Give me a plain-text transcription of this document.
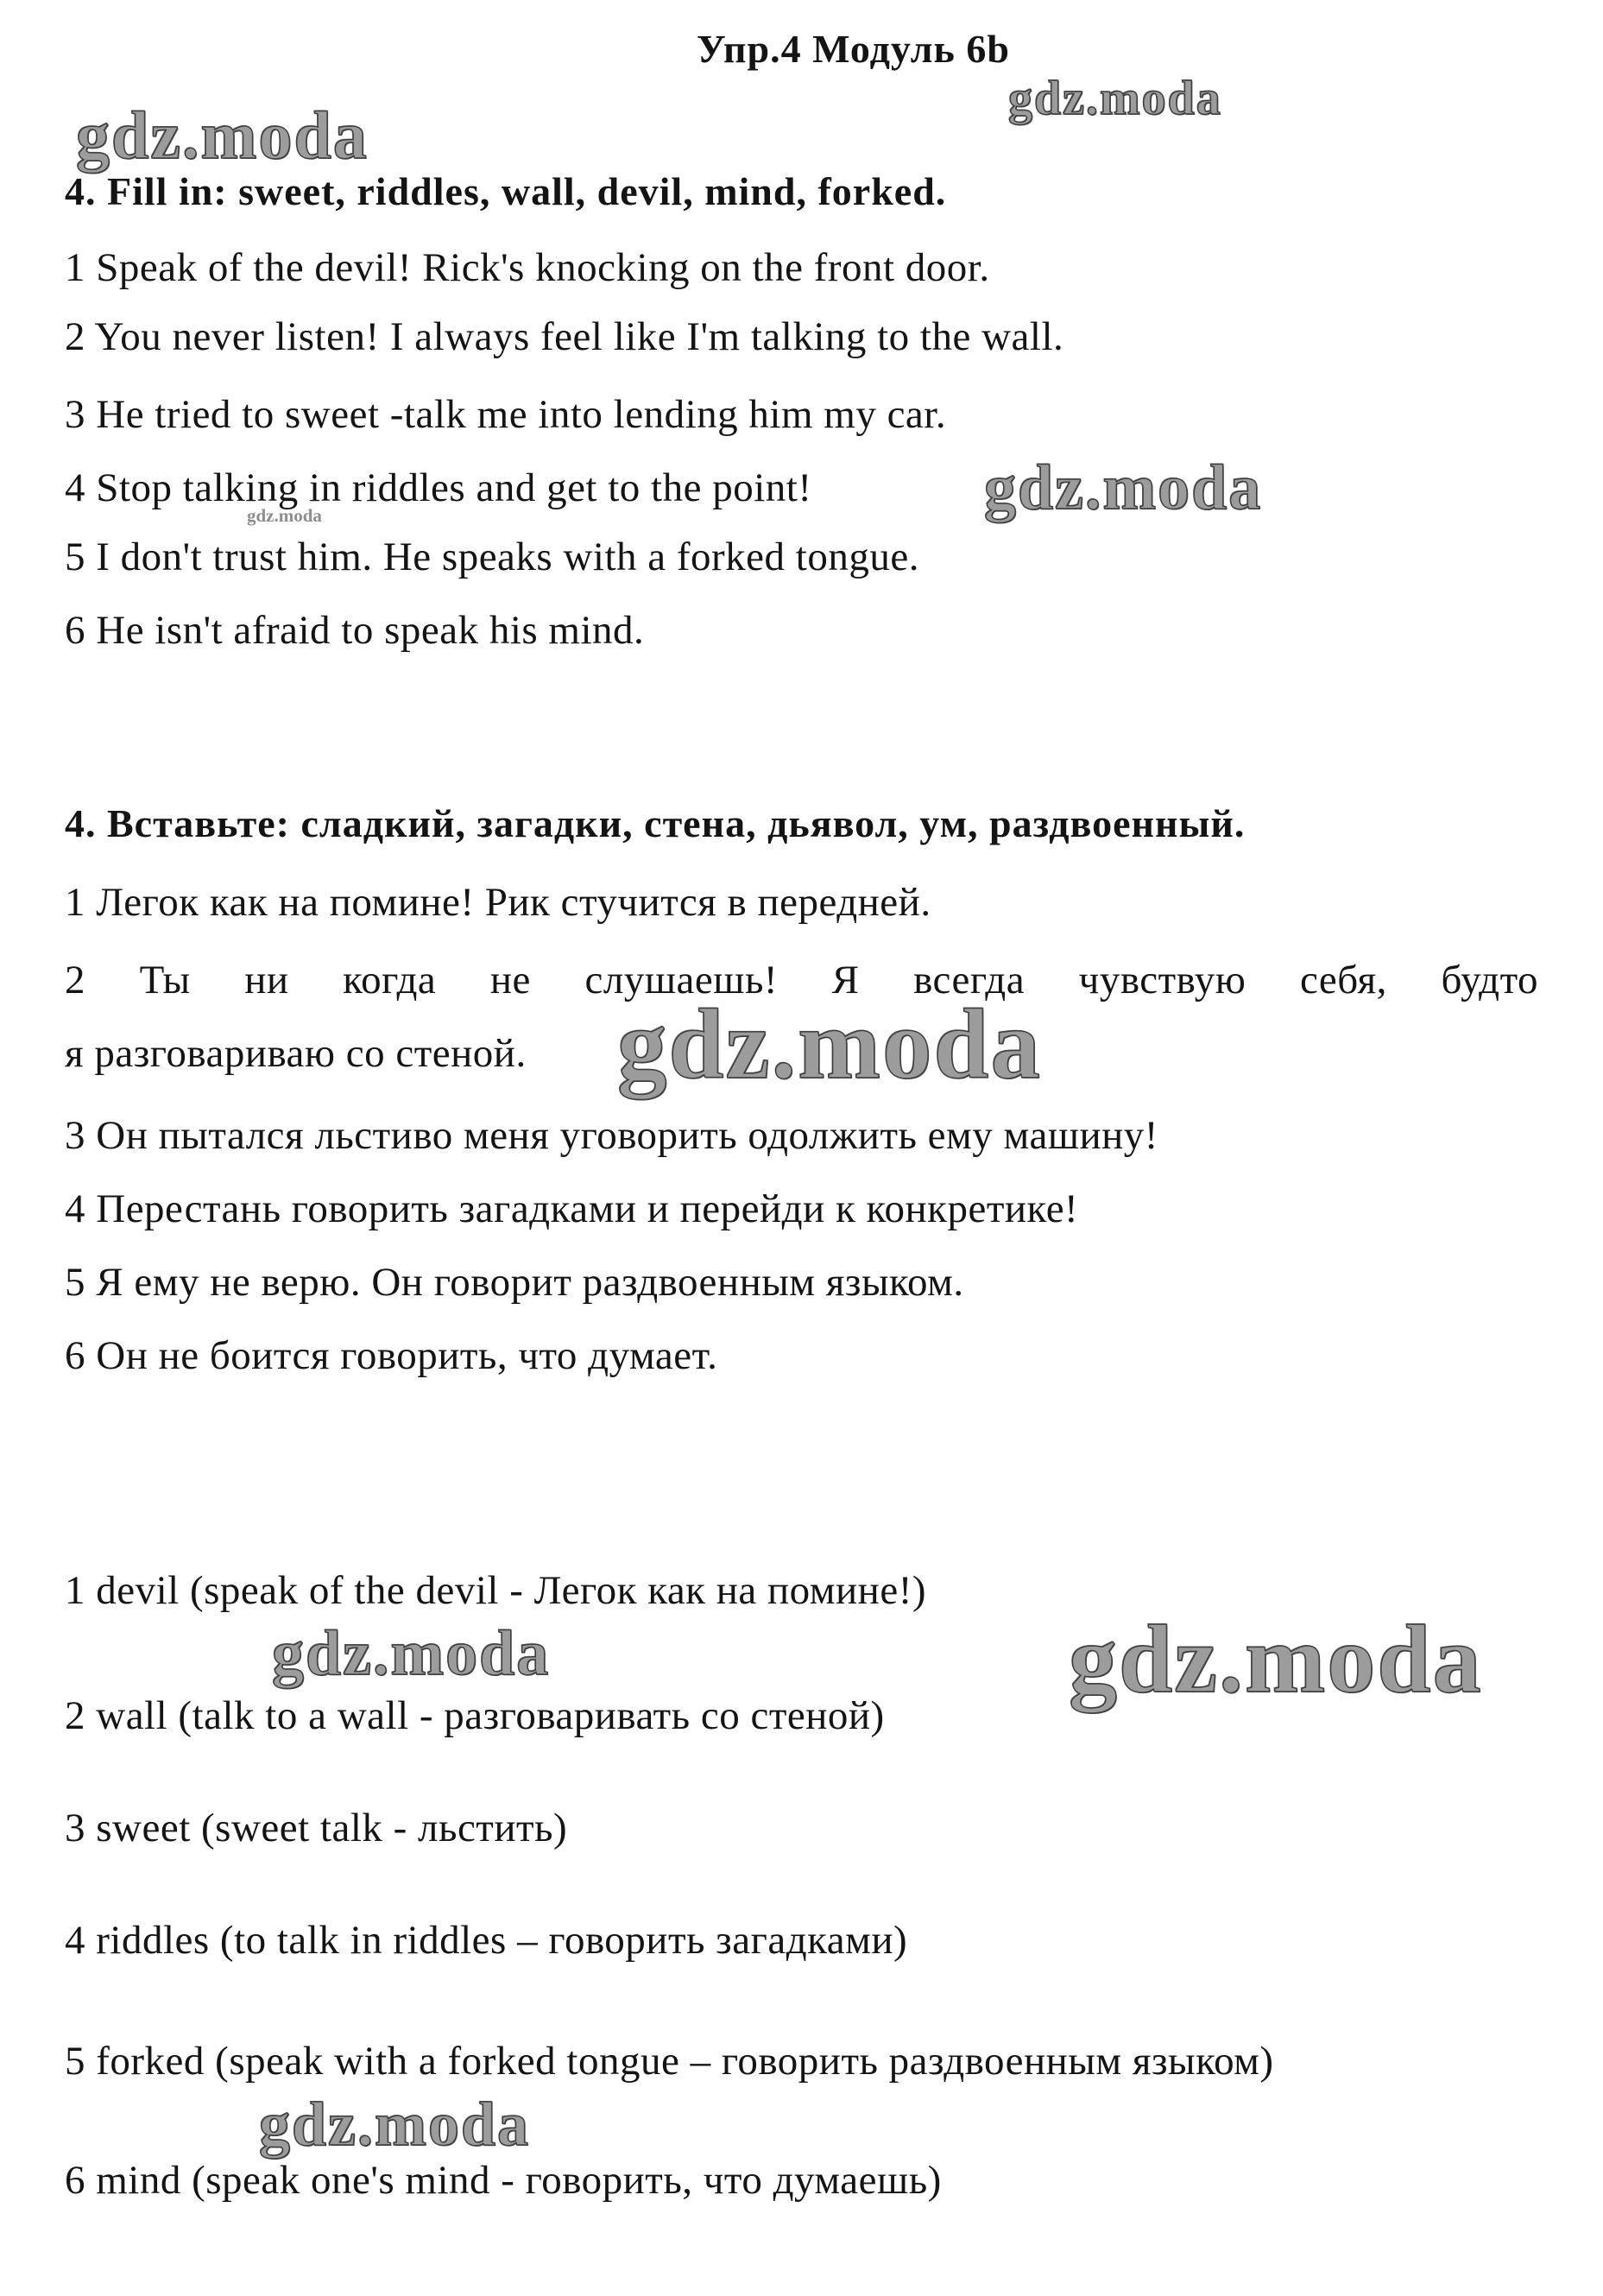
Упр.4 Модуль 6b
gdz.moda
gdz.moda
4. Fill in: sweet, riddles, wall, devil, mind, forked.
1 Speak of the devil! Rick's knocking on the front door.
2 You never listen! I always feel like I'm talking to the wall.
3 He tried to sweet -talk me into lending him my car.
4 Stop talking in riddles and get to the point!	gdz.moda
gdz.moda
5 I don't trust him. He speaks with a forked tongue.
6 He isn't afraid to speak his mind.
4. Вставьте: сладкий, загадки, стена, дьявол, ум, раздвоенный.
1 Легок как на помине! Рик стучится в передней.
2 Ты ни когда не слушаешь! Я всегда чувствую себя, будто
я разговариваю со стеной. gdz.moda
3 Он пытался льстиво меня уговорить одолжить ему машину!
4 Перестань говорить загадками и перейди к конкретике!
5 Я ему не верю. Он говорит раздвоенным языком.
6 Он не боится говорить, что думает.
1 devil (speak of the devil - Легок как на помине!)
gdz.moda	gdz.moda
2 wall (talk to a wall - разговаривать со стеной)
3 sweet (sweet talk - льстить)
4 riddles (to talk in riddles – говорить загадками)
5 forked (speak with a forked tongue – говорить раздвоенным языком)
gdz.moda
6 mind (speak one's mind - говорить, что думаешь)
